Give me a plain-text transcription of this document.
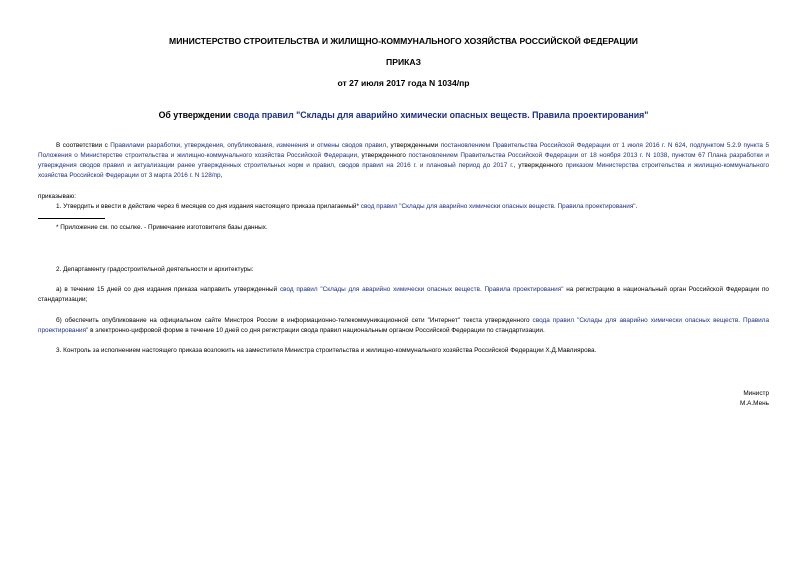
МИНИСТЕРСТВО СТРОИТЕЛЬСТВА И ЖИЛИЩНО-КОММУНАЛЬНОГО ХОЗЯЙСТВА РОССИЙСКОЙ ФЕДЕРАЦИИ
ПРИКАЗ
от 27 июля 2017 года N 1034/пр
Об утверждении свода правил "Склады для аварийно химически опасных веществ. Правила проектирования"
В соответствии с Правилами разработки, утверждения, опубликования, изменения и отмены сводов правил, утвержденными постановлением Правительства Российской Федерации от 1 июля 2016 г. N 624, подпунктом 5.2.9 пункта 5 Положения о Министерстве строительства и жилищно-коммунального хозяйства Российской Федерации, утвержденного постановлением Правительства Российской Федерации от 18 ноября 2013 г. N 1038, пунктом 67 Плана разработки и утверждения сводов правил и актуализации ранее утвержденных строительных норм и правил, сводов правил на 2016 г. и плановый период до 2017 г., утвержденного приказом Министерства строительства и жилищно-коммунального хозяйства Российской Федерации от 3 марта 2016 г. N 128/пр,
приказываю:
1. Утвердить и ввести в действие через 6 месяцев со дня издания настоящего приказа прилагаемый* свод правил "Склады для аварийно химически опасных веществ. Правила проектирования".
* Приложение см. по ссылке. - Примечание изготовителя базы данных.
2. Департаменту градостроительной деятельности и архитектуры:
а) в течение 15 дней со дня издания приказа направить утвержденный свод правил "Склады для аварийно химически опасных веществ. Правила проектирования" на регистрацию в национальный орган Российской Федерации по стандартизации;
б) обеспечить опубликование на официальном сайте Минстроя России в информационно-телекоммуникационной сети "Интернет" текста утвержденного свода правил "Склады для аварийно химически опасных веществ. Правила проектирования" в электронно-цифровой форме в течение 10 дней со дня регистрации свода правил национальным органом Российской Федерации по стандартизации.
3. Контроль за исполнением настоящего приказа возложить на заместителя Министра строительства и жилищно-коммунального хозяйства Российской Федерации Х.Д.Мавлиярова.
Министр
М.А.Мень
